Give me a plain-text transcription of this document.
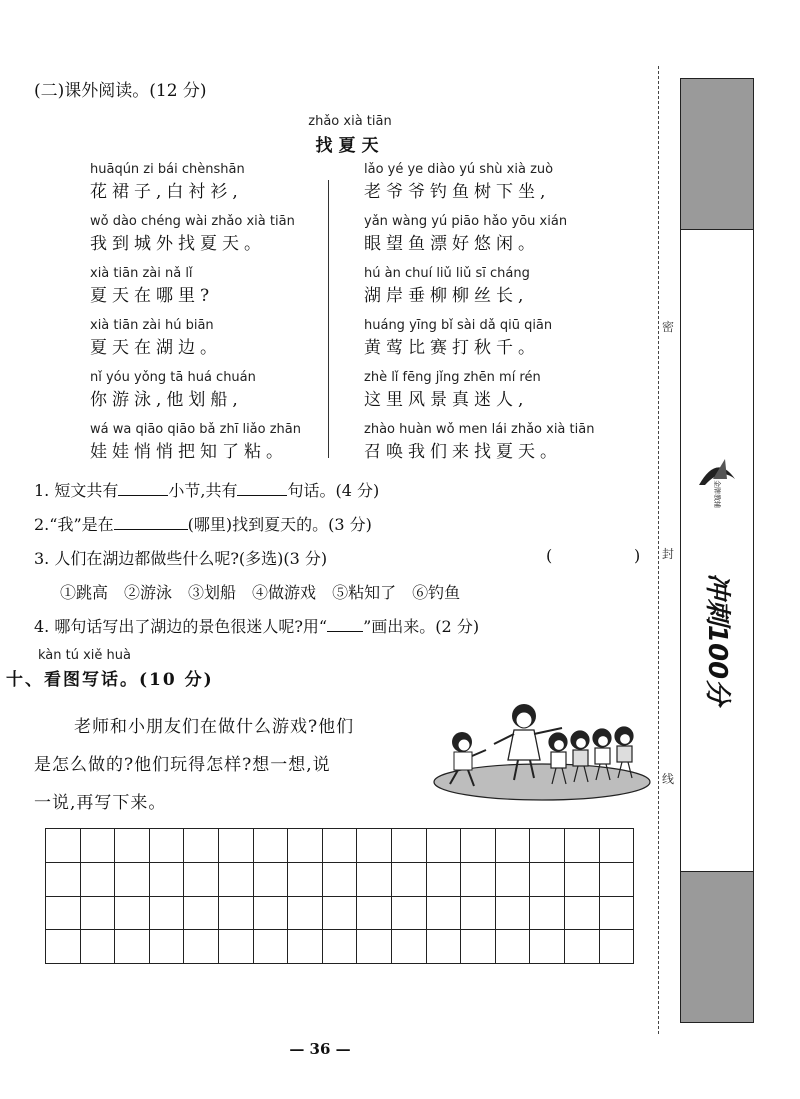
(二)课外阅读。(12 分)
zhǎo xià tiān
找夏天
huāqún zi bái chènshān
花裙子,白衬衫,
wǒ dào chéng wài zhǎo xià tiān
我到城外找夏天。
xià tiān zài nǎ lǐ
夏天在哪里?
xià tiān zài hú biān
夏天在湖边。
nǐ yóu yǒng tā huá chuán
你游泳,他划船,
wá wa qiāo qiāo bǎ zhī liǎo zhān
娃娃悄悄把知了粘。
lǎo yé ye diào yú shù xià zuò
老爷爷钓鱼树下坐,
yǎn wàng yú piāo hǎo yōu xián
眼望鱼漂好悠闲。
hú àn chuí liǔ liǔ sī cháng
湖岸垂柳柳丝长,
huáng yīng bǐ sài dǎ qiū qiān
黄莺比赛打秋千。
zhè lǐ fēng jǐng zhēn mí rén
这里风景真迷人,
zhào huàn wǒ men lái zhǎo xià tiān
召唤我们来找夏天。
1. 短文共有	小节,共有	句话。(4 分)
2.“我”是在	(哪里)找到夏天的。(3 分)
3. 人们在湖边都做些什么呢?(多选)(3 分)	(	)
①跳高 ②游泳 ③划船 ④做游戏 ⑤粘知了 ⑥钓鱼
4. 哪句话写出了湖边的景色很迷人呢?用“ ”画出来。(2 分)
kàn tú xiě huà
十、看图写话。(10 分)
老师和小朋友们在做什么游戏?他们
是怎么做的?他们玩得怎样?想一想,说
一说,再写下来。

— 36 —
密
封
线
金牌教辅
冲刺100分
